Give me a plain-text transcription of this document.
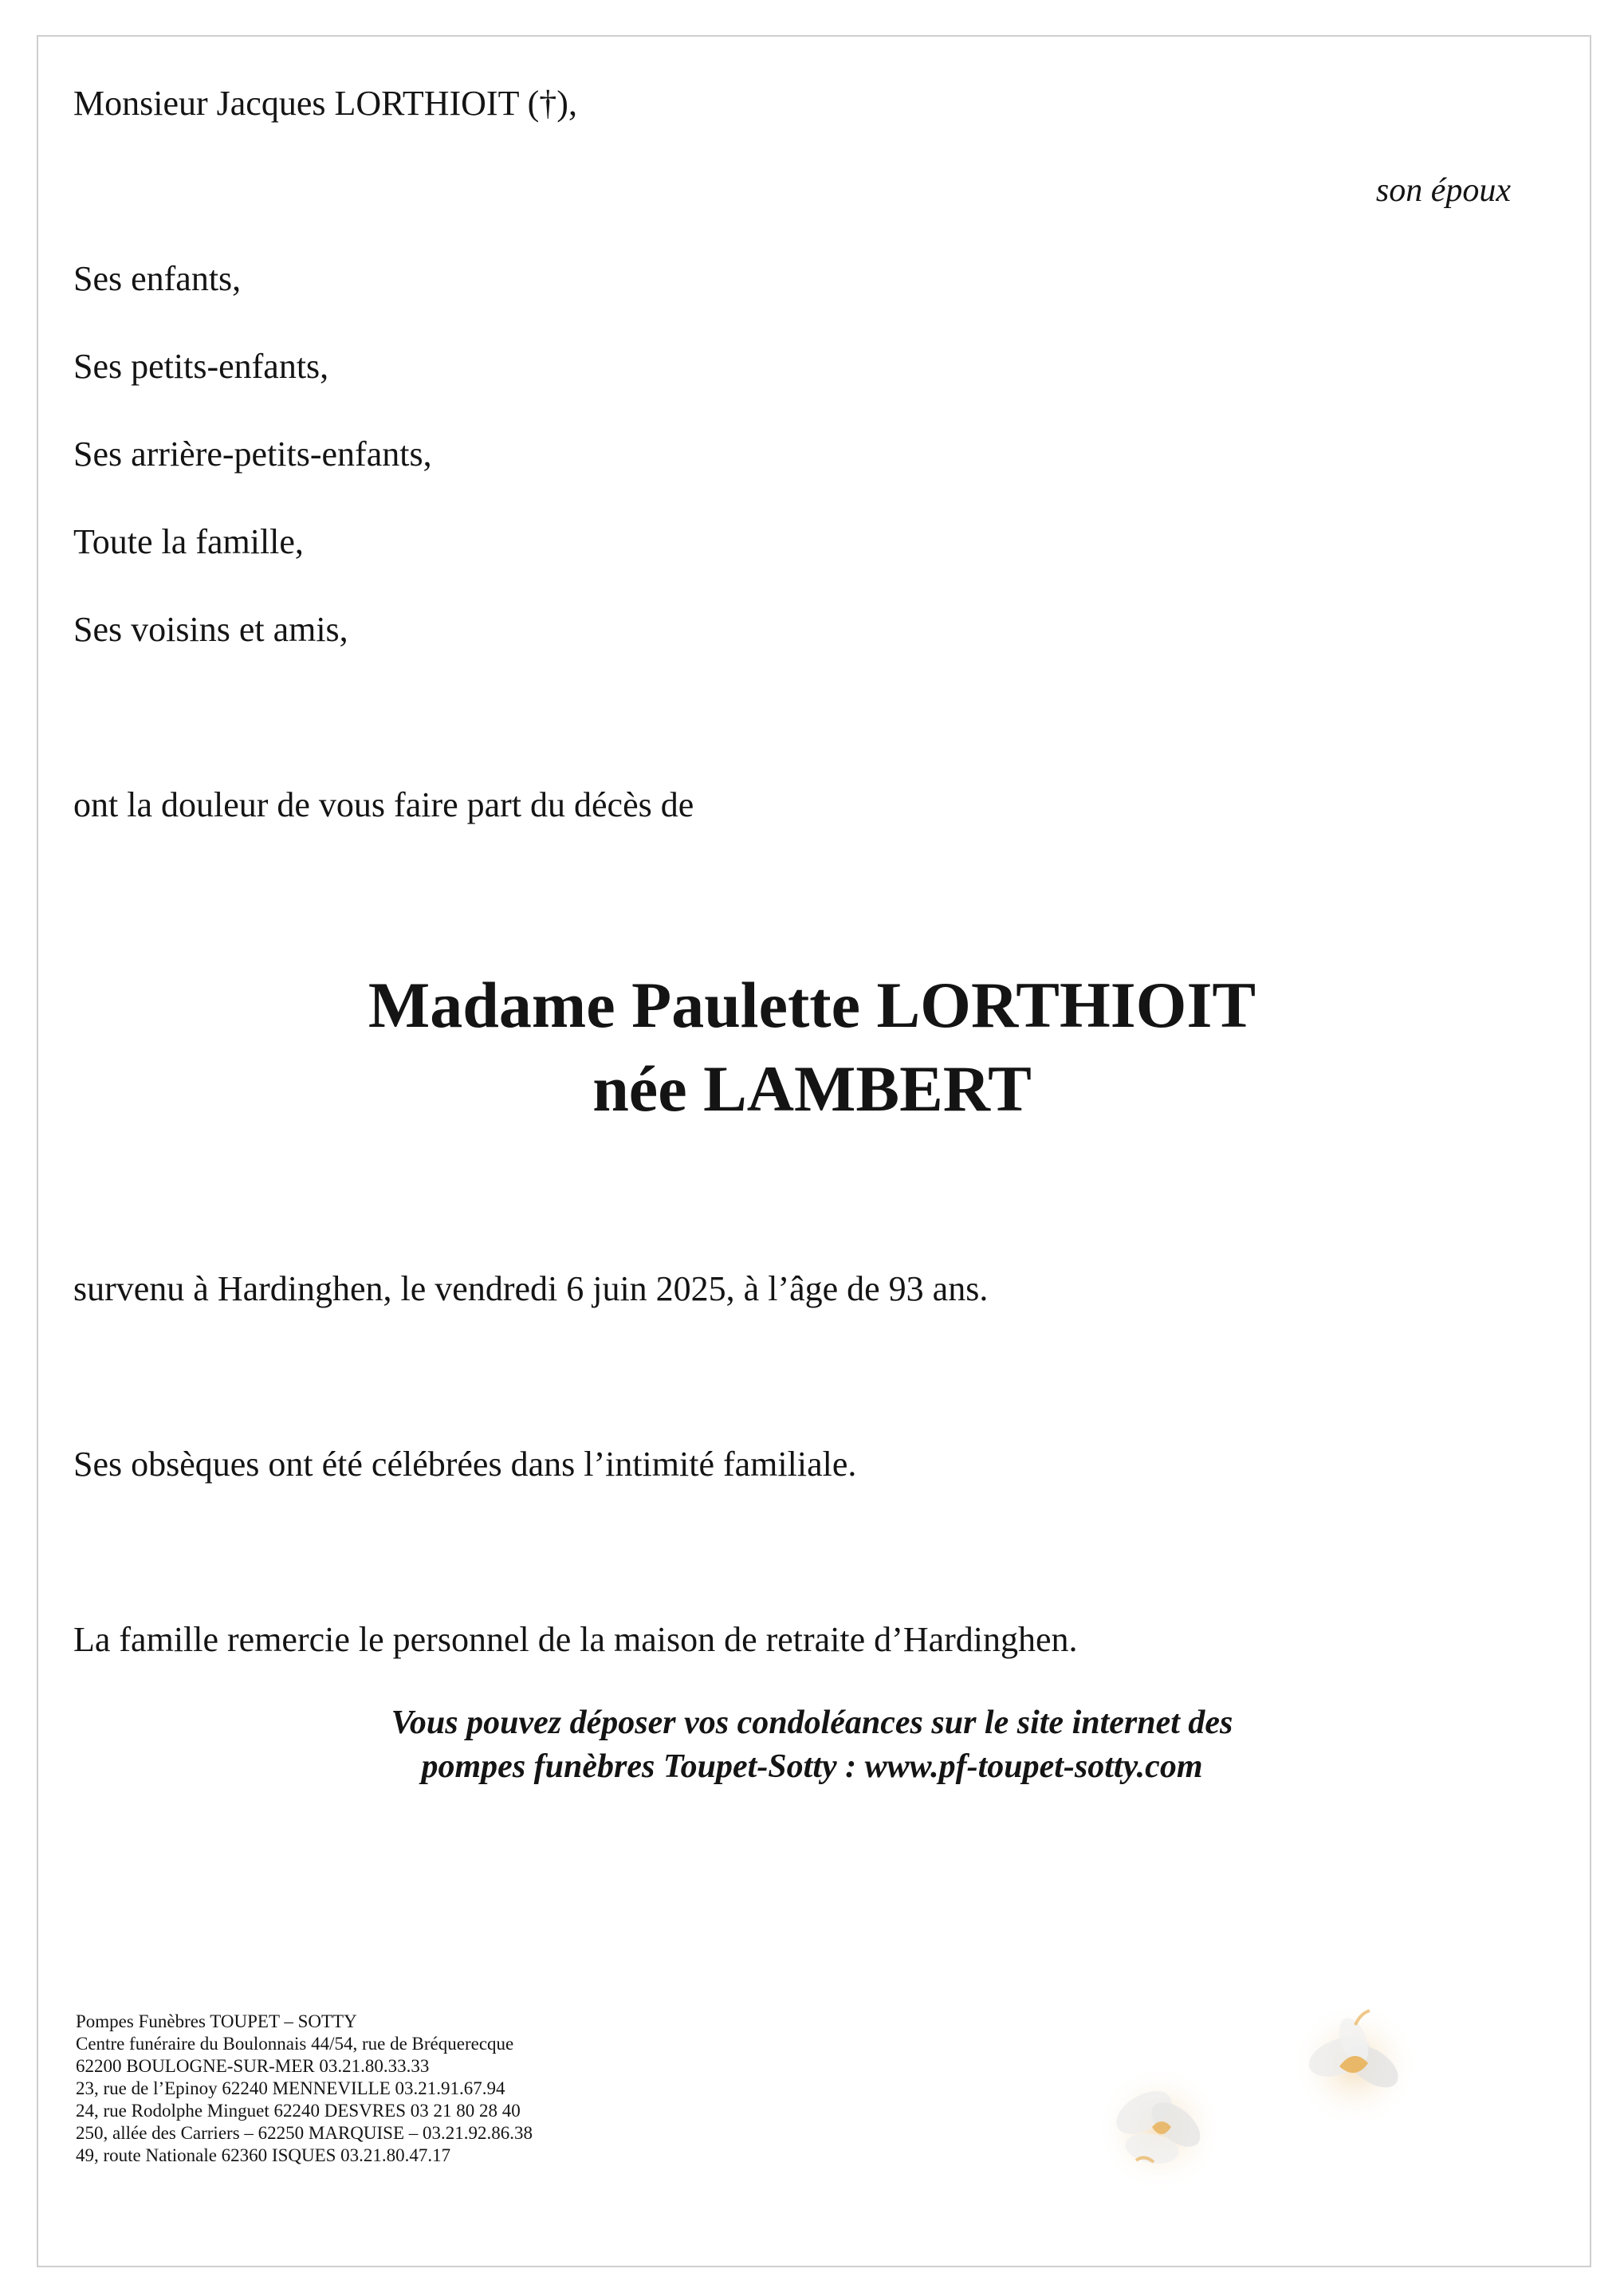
Monsieur Jacques LORTHIOIT (†),
son époux
Ses enfants,
Ses petits-enfants,
Ses arrière-petits-enfants,
Toute la famille,
Ses voisins et amis,
ont la douleur de vous faire part du décès de
Madame Paulette LORTHIOIT
née LAMBERT
survenu à Hardinghen, le vendredi 6 juin 2025, à l’âge de 93 ans.
Ses obsèques ont été célébrées dans l’intimité familiale.
La famille remercie le personnel de la maison de retraite d’Hardinghen.
Vous pouvez déposer vos condoléances sur le site internet des
pompes funèbres Toupet-Sotty : www.pf-toupet-sotty.com
Pompes Funèbres TOUPET – SOTTY
Centre funéraire du Boulonnais 44/54, rue de Bréquerecque
62200 BOULOGNE-SUR-MER 03.21.80.33.33
23, rue de l’Epinoy 62240 MENNEVILLE 03.21.91.67.94
24, rue Rodolphe Minguet 62240 DESVRES 03 21 80 28 40
250, allée des Carriers – 62250 MARQUISE – 03.21.92.86.38
49, route Nationale 62360 ISQUES 03.21.80.47.17
